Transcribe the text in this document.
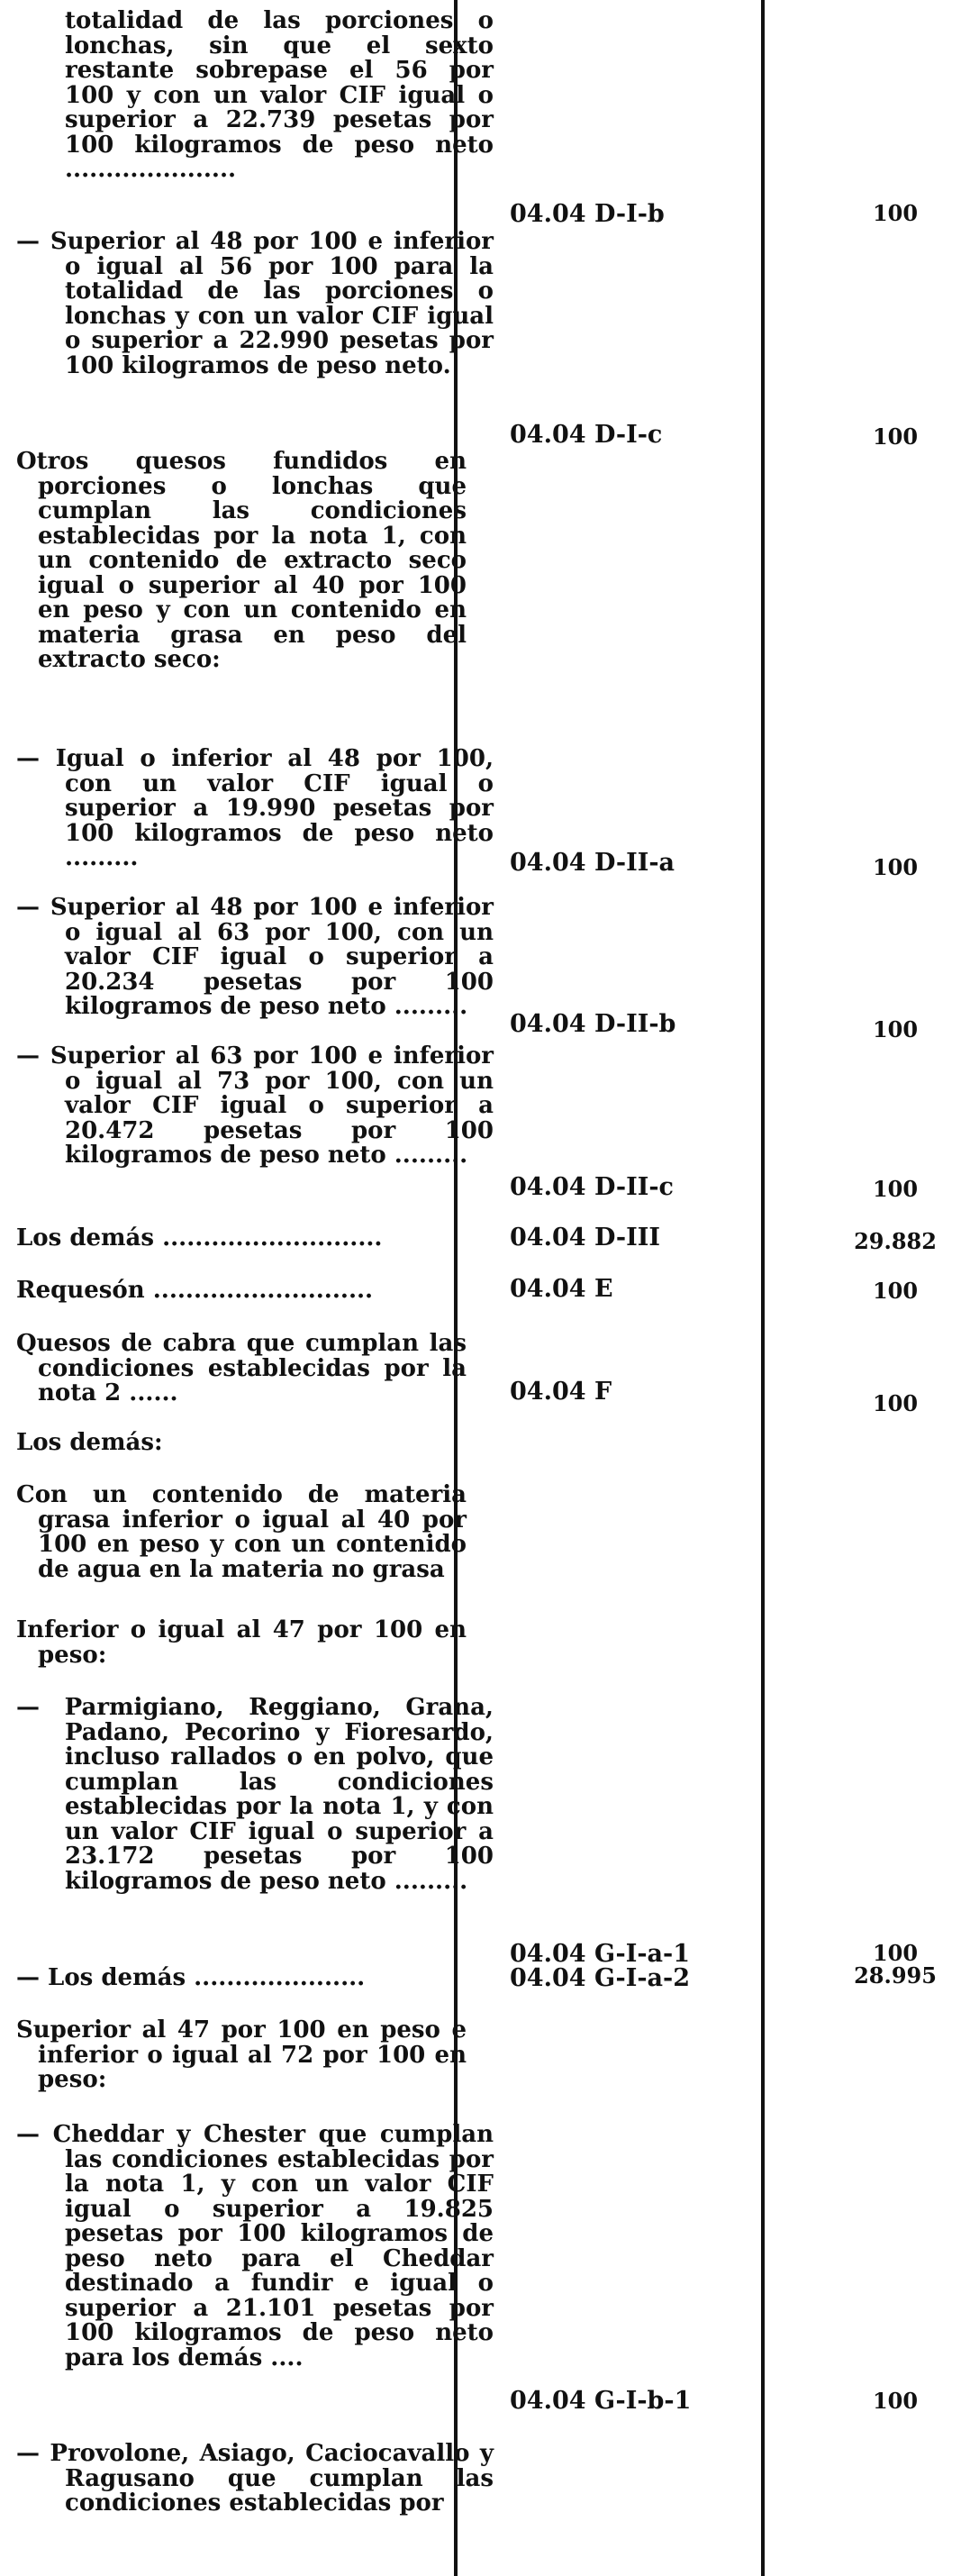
totalidad de las porciones o lonchas, sin que el sexto restante sobrepase el 56 por 100 y con un valor CIF igual o superior a 22.739 pesetas por 100 kilogramos de peso neto .....................

— Superior al 48 por 100 e inferior o igual al 56 por 100 para la totalidad de las porciones o lonchas y con un valor CIF igual o superior a 22.990 pesetas por 100 kilogramos de peso neto.

Otros quesos fundidos en porciones o lonchas que cumplan las condiciones establecidas por la nota 1, con un contenido de extracto seco igual o superior al 40 por 100 en peso y con un contenido en materia grasa en peso del extracto seco:

— Igual o inferior al 48 por 100, con un valor CIF igual o superior a 19.990 pesetas por 100 kilogramos de peso neto .........

— Superior al 48 por 100 e inferior o igual al 63 por 100, con un valor CIF igual o superior a 20.234 pesetas por 100 kilogramos de peso neto .........

— Superior al 63 por 100 e inferior o igual al 73 por 100, con un valor CIF igual o superior a 20.472 pesetas por 100 kilogramos de peso neto .........

Los demás ...........................

Requesón ...........................

Quesos de cabra que cumplan las condiciones establecidas por la nota 2 ......

Los demás:

Con un contenido de materia grasa inferior o igual al 40 por 100 en peso y con un contenido de agua en la materia no grasa

Inferior o igual al 47 por 100 en peso:

— Parmigiano, Reggiano, Grana, Padano, Pecorino y Fioresardo, incluso rallados o en polvo, que cumplan las condiciones establecidas por la nota 1, y con un valor CIF igual o superior a 23.172 pesetas por 100 kilogramos de peso neto .........

— Los demás .....................

Superior al 47 por 100 en peso e inferior o igual al 72 por 100 en peso:

— Cheddar y Chester que cumplan las condiciones establecidas por la nota 1, y con un valor CIF igual o superior a 19.825 pesetas por 100 kilogramos de peso neto para el Cheddar destinado a fundir e igual o superior a 21.101 pesetas por 100 kilogramos de peso neto para los demás ....

— Provolone, Asiago, Caciocavallo y Ragusano que cumplan las condiciones establecidas por

04.04 D-I-b
04.04 D-I-c
04.04 D-II-a
04.04 D-II-b
04.04 D-II-c
04.04 D-III
04.04 E
04.04 F
04.04 G-I-a-1
04.04 G-I-a-2
04.04 G-I-b-1
100
100
100
100
100
29.882
100
100
100
28.995
100
